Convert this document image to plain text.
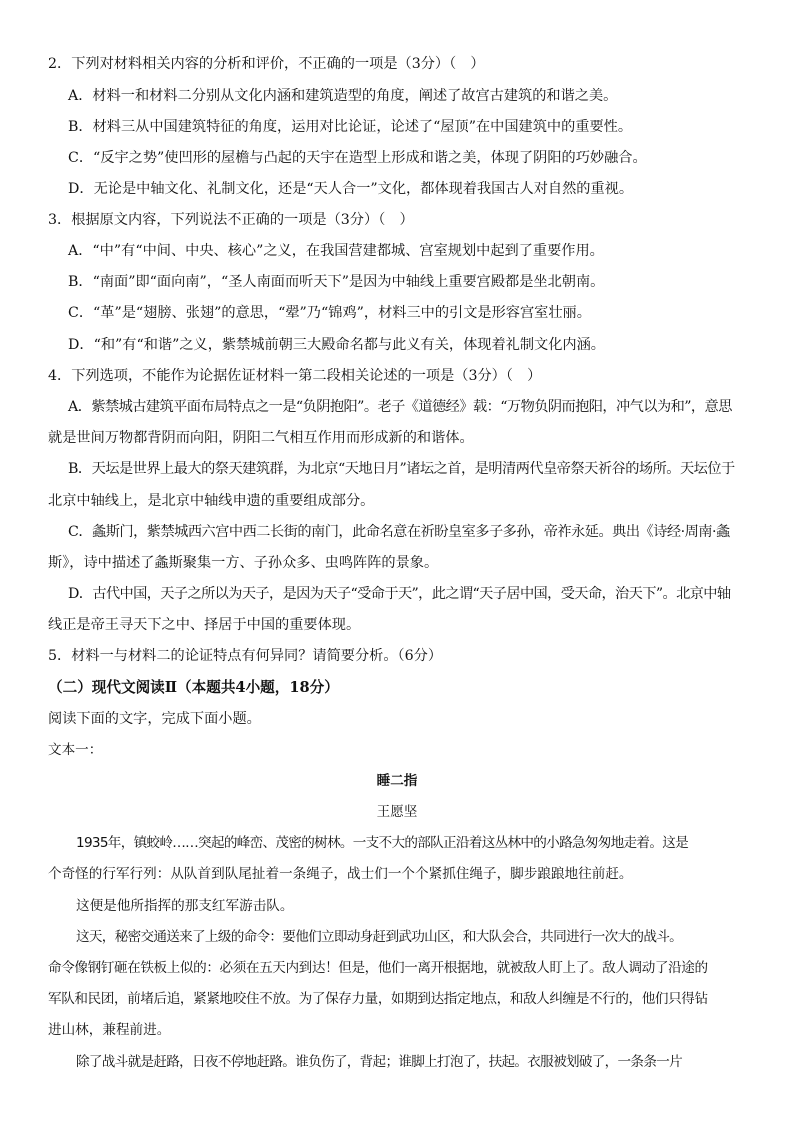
2．下列对材料相关内容的分析和评价，不正确的一项是（3分）（　）
A．材料一和材料二分别从文化内涵和建筑造型的角度，阐述了故宫古建筑的和谐之美。
B．材料三从中国建筑特征的角度，运用对比论证，论述了“屋顶”在中国建筑中的重要性。
C．“反宇之势”使凹形的屋檐与凸起的天宇在造型上形成和谐之美，体现了阴阳的巧妙融合。
D．无论是中轴文化、礼制文化，还是“天人合一”文化，都体现着我国古人对自然的重视。
3．根据原文内容，下列说法不正确的一项是（3分）（　）
A．“中”有“中间、中央、核心”之义，在我国营建都城、宫室规划中起到了重要作用。
B．“南面”即“面向南”，“圣人南面而听天下”是因为中轴线上重要宫殿都是坐北朝南。
C．“革”是“翅膀、张翅”的意思，“翚”乃“锦鸡”，材料三中的引文是形容宫室壮丽。
D．“和”有“和谐”之义，紫禁城前朝三大殿命名都与此义有关，体现着礼制文化内涵。
4．下列选项，不能作为论据佐证材料一第二段相关论述的一项是（3分）（　）
A．紫禁城古建筑平面布局特点之一是“负阴抱阳”。老子《道德经》载：“万物负阴而抱阳，冲气以为和”，意思
就是世间万物都背阴而向阳，阴阳二气相互作用而形成新的和谐体。
B．天坛是世界上最大的祭天建筑群，为北京“天地日月”诸坛之首，是明清两代皇帝祭天祈谷的场所。天坛位于
北京中轴线上，是北京中轴线申遗的重要组成部分。
C．螽斯门，紫禁城西六宫中西二长街的南门，此命名意在祈盼皇室多子多孙，帝祚永延。典出《诗经·周南·螽
斯》，诗中描述了螽斯聚集一方、子孙众多、虫鸣阵阵的景象。
D．古代中国，天子之所以为天子，是因为天子“受命于天”，此之谓“天子居中国，受天命，治天下”。北京中轴
线正是帝王寻天下之中、择居于中国的重要体现。
5．材料一与材料二的论证特点有何异同？请简要分析。（6分）
（二）现代文阅读Ⅱ（本题共4小题，18分）
阅读下面的文字，完成下面小题。
文本一：
睡二指
王愿坚
1935年，镇蛟岭……突起的峰峦、茂密的树林。一支不大的部队正沿着这丛林中的小路急匆匆地走着。这是
个奇怪的行军行列：从队首到队尾扯着一条绳子，战士们一个个紧抓住绳子，脚步踉踉地往前赶。
这便是他所指挥的那支红军游击队。
这天，秘密交通送来了上级的命令：要他们立即动身赶到武功山区，和大队会合，共同进行一次大的战斗。
命令像钢钉砸在铁板上似的：必须在五天内到达！但是，他们一离开根据地，就被敌人盯上了。敌人调动了沿途的
军队和民团，前堵后追，紧紧地咬住不放。为了保存力量，如期到达指定地点，和敌人纠缠是不行的，他们只得钻
进山林，兼程前进。
除了战斗就是赶路，日夜不停地赶路。谁负伤了，背起；谁脚上打泡了，扶起。衣服被划破了，一条条一片
